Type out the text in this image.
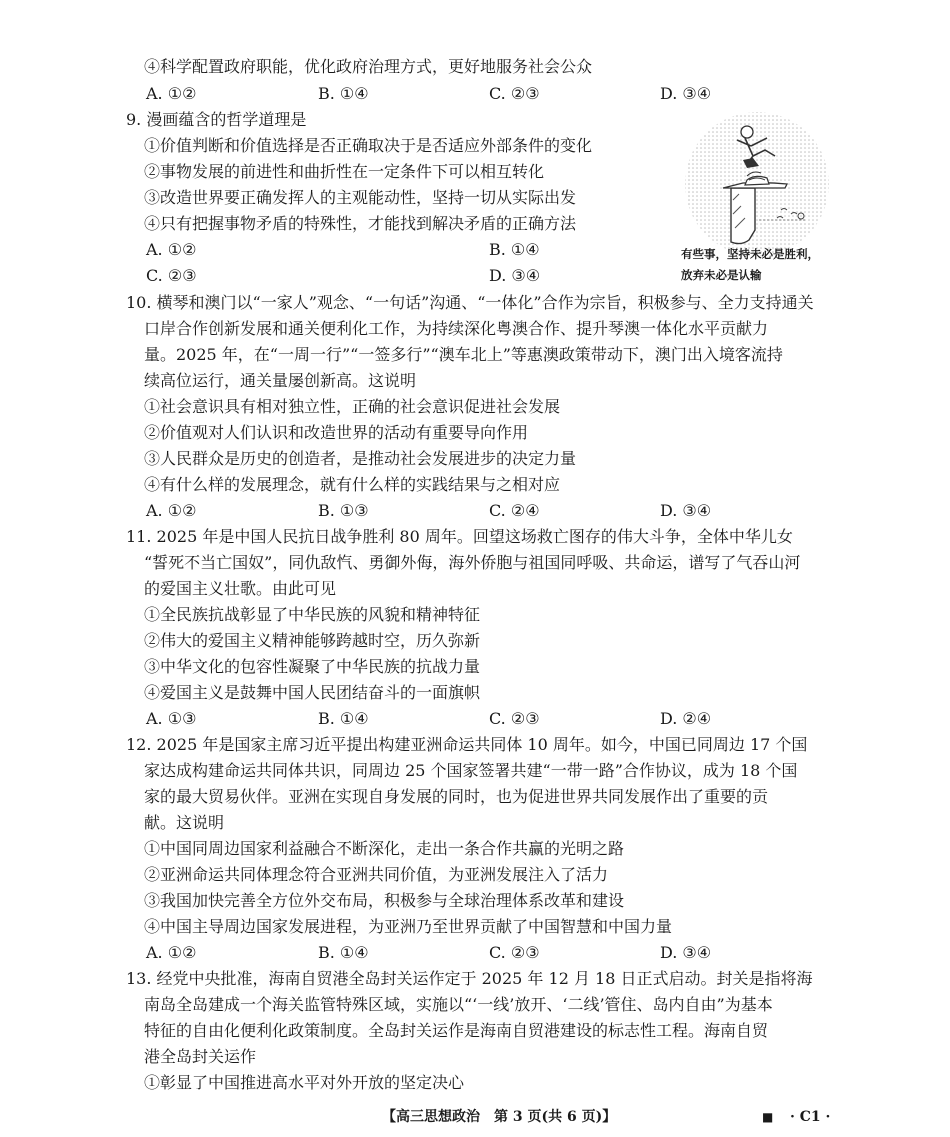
④科学配置政府职能，优化政府治理方式，更好地服务社会公众
A. ①②	B. ①④	C. ②③	D. ③④
9. 漫画蕴含的哲学道理是
①价值判断和价值选择是否正确取决于是否适应外部条件的变化
②事物发展的前进性和曲折性在一定条件下可以相互转化
③改造世界要正确发挥人的主观能动性，坚持一切从实际出发
④只有把握事物矛盾的特殊性，才能找到解决矛盾的正确方法
A. ①②	B. ①④
C. ②③	D. ③④
有些事，坚持未必是胜利，
放弃未必是认输
10. 横琴和澳门以“一家人”观念、“一句话”沟通、“一体化”合作为宗旨，积极参与、全力支持通关
口岸合作创新发展和通关便利化工作，为持续深化粤澳合作、提升琴澳一体化水平贡献力
量。2025 年，在“一周一行”“一签多行”“澳车北上”等惠澳政策带动下，澳门出入境客流持
续高位运行，通关量屡创新高。这说明
①社会意识具有相对独立性，正确的社会意识促进社会发展
②价值观对人们认识和改造世界的活动有重要导向作用
③人民群众是历史的创造者，是推动社会发展进步的决定力量
④有什么样的发展理念，就有什么样的实践结果与之相对应
A. ①②	B. ①③	C. ②④	D. ③④
11. 2025 年是中国人民抗日战争胜利 80 周年。回望这场救亡图存的伟大斗争，全体中华儿女
“誓死不当亡国奴”，同仇敌忾、勇御外侮，海外侨胞与祖国同呼吸、共命运，谱写了气吞山河
的爱国主义壮歌。由此可见
①全民族抗战彰显了中华民族的风貌和精神特征
②伟大的爱国主义精神能够跨越时空，历久弥新
③中华文化的包容性凝聚了中华民族的抗战力量
④爱国主义是鼓舞中国人民团结奋斗的一面旗帜
A. ①③	B. ①④	C. ②③	D. ②④
12. 2025 年是国家主席习近平提出构建亚洲命运共同体 10 周年。如今，中国已同周边 17 个国
家达成构建命运共同体共识，同周边 25 个国家签署共建“一带一路”合作协议，成为 18 个国
家的最大贸易伙伴。亚洲在实现自身发展的同时，也为促进世界共同发展作出了重要的贡
献。这说明
①中国同周边国家利益融合不断深化，走出一条合作共赢的光明之路
②亚洲命运共同体理念符合亚洲共同价值，为亚洲发展注入了活力
③我国加快完善全方位外交布局，积极参与全球治理体系改革和建设
④中国主导周边国家发展进程，为亚洲乃至世界贡献了中国智慧和中国力量
A. ①②	B. ①④	C. ②③	D. ③④
13. 经党中央批准，海南自贸港全岛封关运作定于 2025 年 12 月 18 日正式启动。封关是指将海
南岛全岛建成一个海关监管特殊区域，实施以“‘一线’放开、‘二线’管住、岛内自由”为基本
特征的自由化便利化政策制度。全岛封关运作是海南自贸港建设的标志性工程。海南自贸
港全岛封关运作
①彰显了中国推进高水平对外开放的坚定决心
【高三思想政治　第 3 页(共 6 页)】	■ · C1 ·
